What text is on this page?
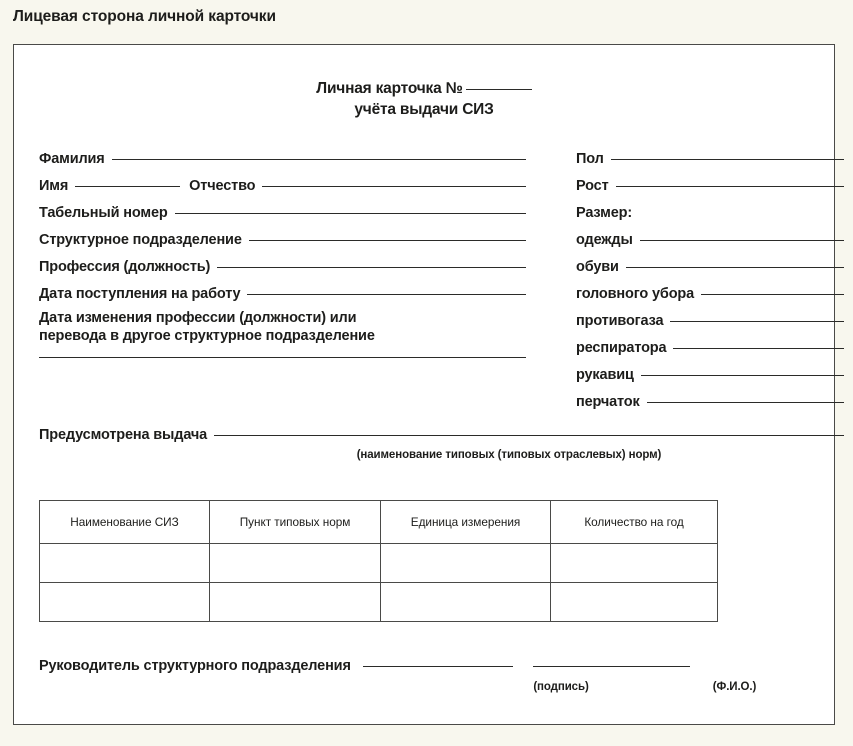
Лицевая сторона личной карточки
Личная карточка №
учёта выдачи СИЗ
Фамилия
Имя	Отчество
Табельный номер
Структурное подразделение
Профессия (должность)
Дата поступления на работу
Дата изменения профессии (должности) или
перевода в другое структурное подразделение
Пол
Рост
Размер:
одежды
обуви
головного убора
противогаза
респиратора
рукавиц
перчаток
Предусмотрена выдача
(наименование типовых (типовых отраслевых) норм)
Наименование СИЗ	Пункт типовых норм	Единица измерения	Количество на год

Руководитель структурного подразделения
(подпись)	(Ф.И.О.)
